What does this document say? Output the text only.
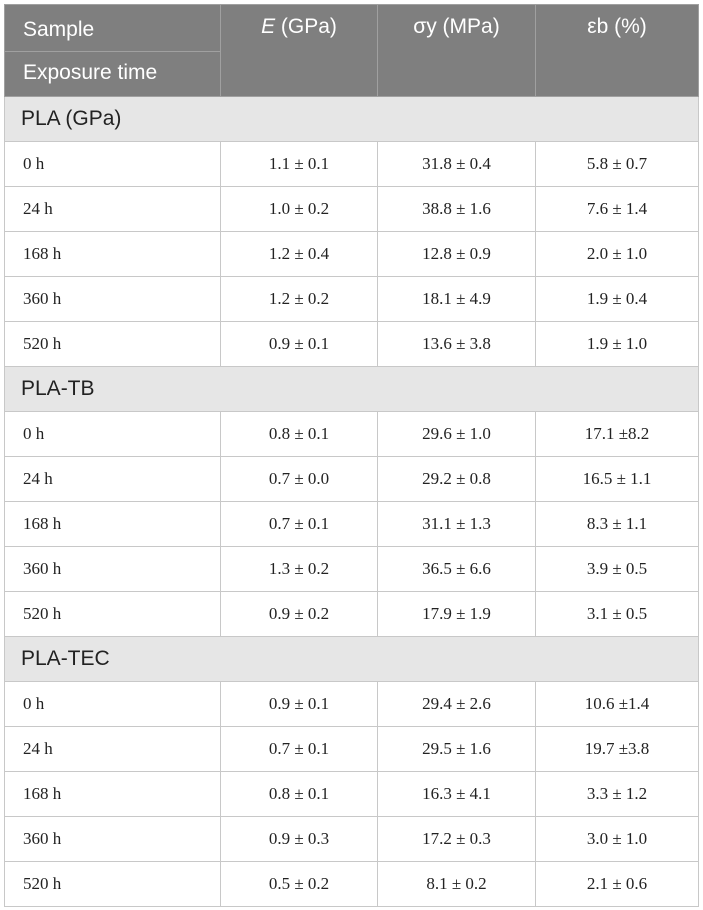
Sample
Exposure time	E (GPa)	σy (MPa)	εb (%)
PLA (GPa)			
0 h	1.1 ± 0.1	31.8 ± 0.4	5.8 ± 0.7
24 h	1.0 ± 0.2	38.8 ± 1.6	7.6 ± 1.4
168 h	1.2 ± 0.4	12.8 ± 0.9	2.0 ± 1.0
360 h	1.2 ± 0.2	18.1 ± 4.9	1.9 ± 0.4
520 h	0.9 ± 0.1	13.6 ± 3.8	1.9 ± 1.0
PLA-TB			
0 h	0.8 ± 0.1	29.6 ± 1.0	17.1 ±8.2
24 h	0.7 ± 0.0	29.2 ± 0.8	16.5 ± 1.1
168 h	0.7 ± 0.1	31.1 ± 1.3	8.3 ± 1.1
360 h	1.3 ± 0.2	36.5 ± 6.6	3.9 ± 0.5
520 h	0.9 ± 0.2	17.9 ± 1.9	3.1 ± 0.5
PLA-TEC			
0 h	0.9 ± 0.1	29.4 ± 2.6	10.6 ±1.4
24 h	0.7 ± 0.1	29.5 ± 1.6	19.7 ±3.8
168 h	0.8 ± 0.1	16.3 ± 4.1	3.3 ± 1.2
360 h	0.9 ± 0.3	17.2 ± 0.3	3.0 ± 1.0
520 h	0.5 ± 0.2	8.1 ± 0.2	2.1 ± 0.6
